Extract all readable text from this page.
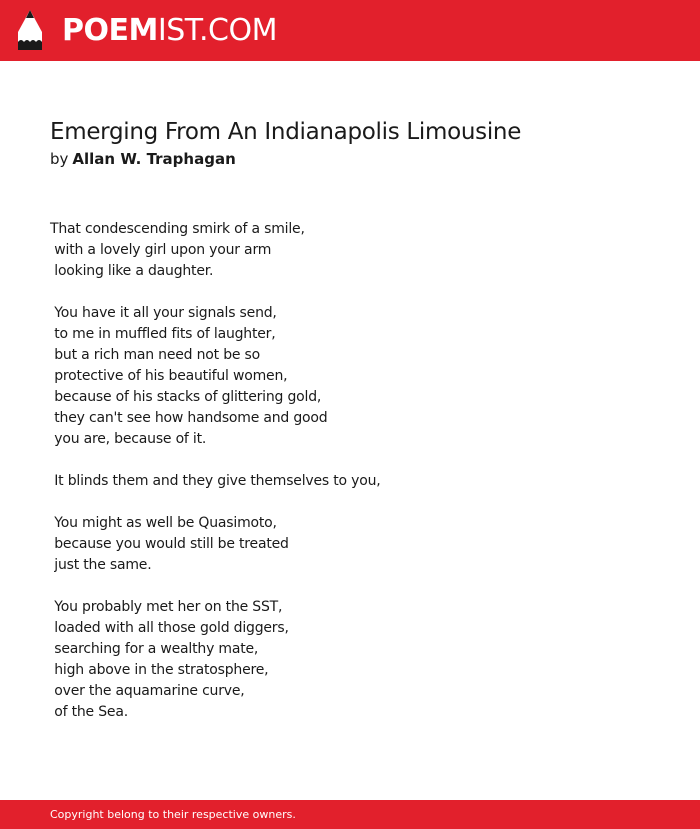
POEMIST.COM
Emerging From An Indianapolis Limousine
by Allan W. Traphagan
That condescending smirk of a smile,
with a lovely girl upon your arm
looking like a daughter.
You have it all your signals send,
to me in muffled fits of laughter,
but a rich man need not be so
protective of his beautiful women,
because of his stacks of glittering gold,
they can't see how handsome and good
you are, because of it.
It blinds them and they give themselves to you,
You might as well be Quasimoto,
because you would still be treated
just the same.
You probably met her on the SST,
loaded with all those gold diggers,
searching for a wealthy mate,
high above in the stratosphere,
over the aquamarine curve,
of the Sea.
Copyright belong to their respective owners.
